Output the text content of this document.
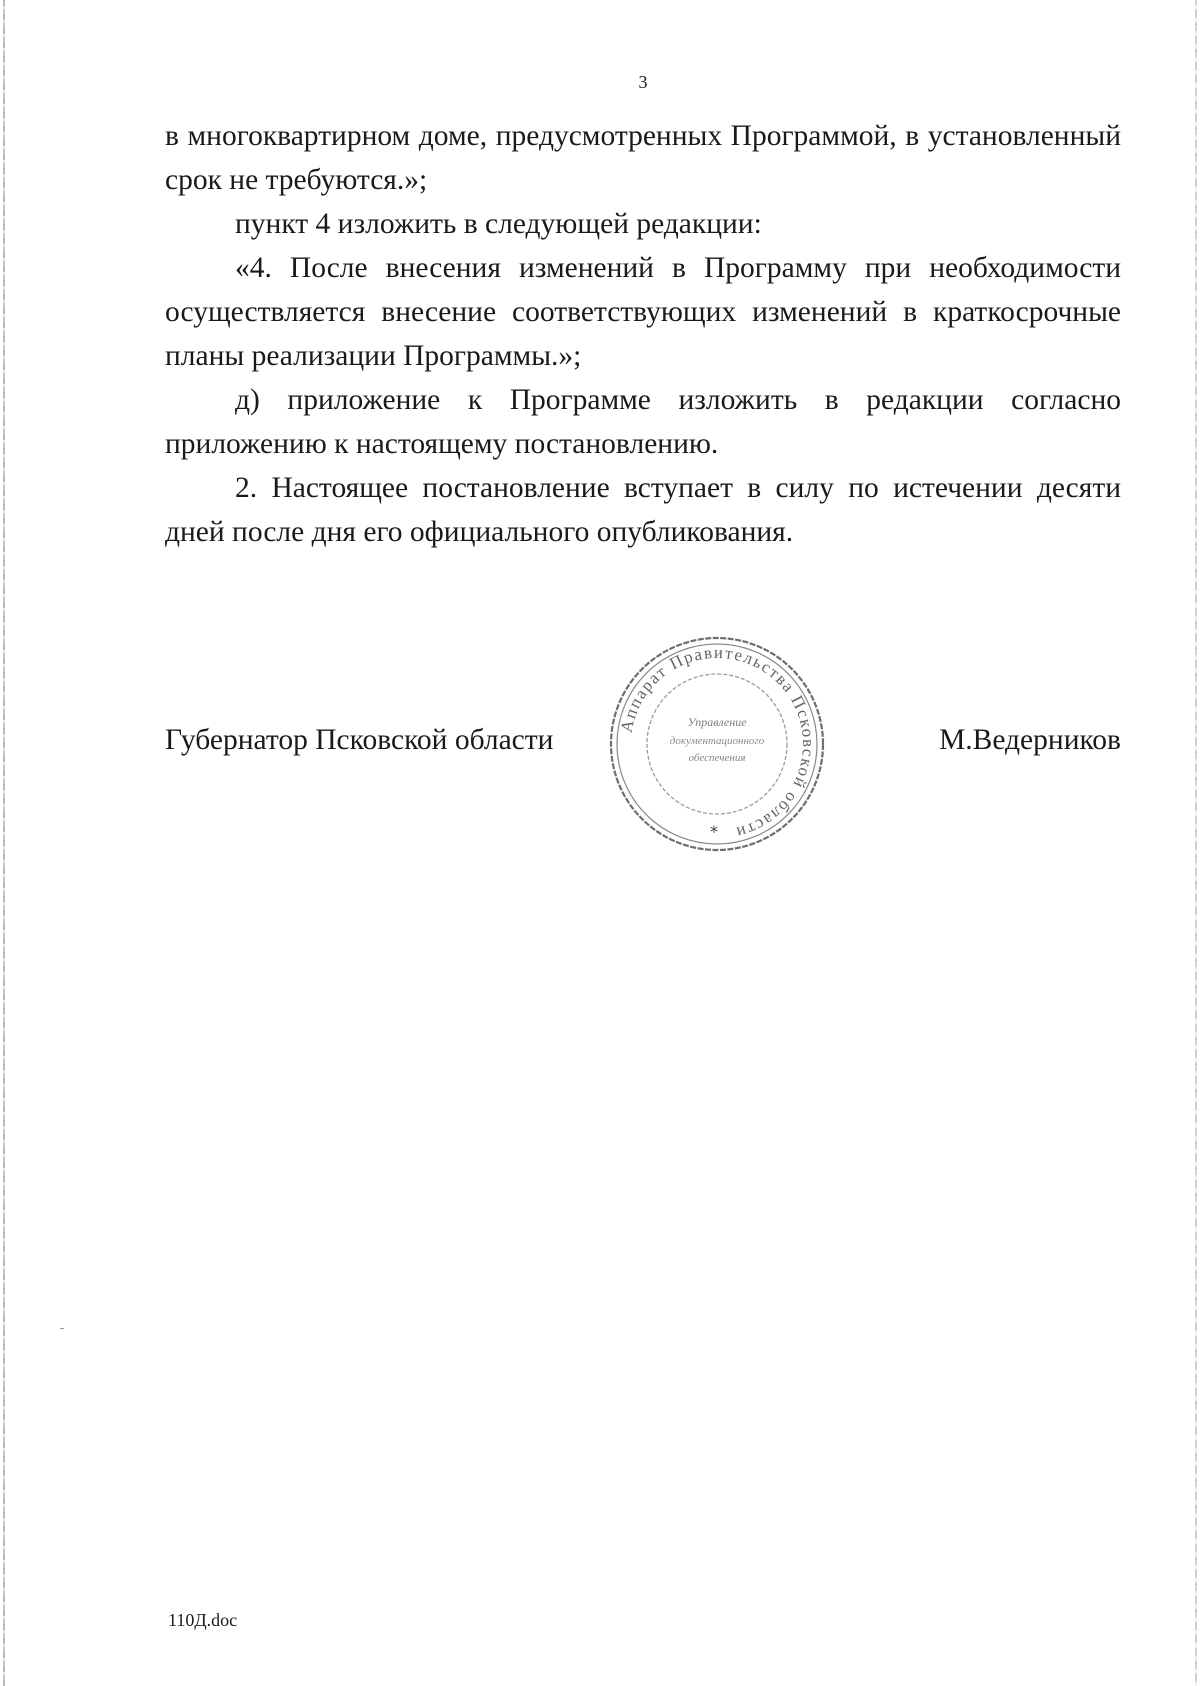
3

в многоквартирном доме, предусмотренных Программой, в установленный срок не требуются.»;

пункт 4 изложить в следующей редакции:

«4. После внесения изменений в Программу при необходимости осуществляется внесение соответствующих изменений в краткосрочные планы реализации Программы.»;

д) приложение к Программе изложить в редакции согласно приложению к настоящему постановлению.

2. Настоящее постановление вступает в силу по истечении десяти дней после дня его официального опубликования.

Губернатор Псковской области	М.Ведерников
Аппарат Правительства Псковской области
Управление
документационного
обеспечения
*
110Д.doc
